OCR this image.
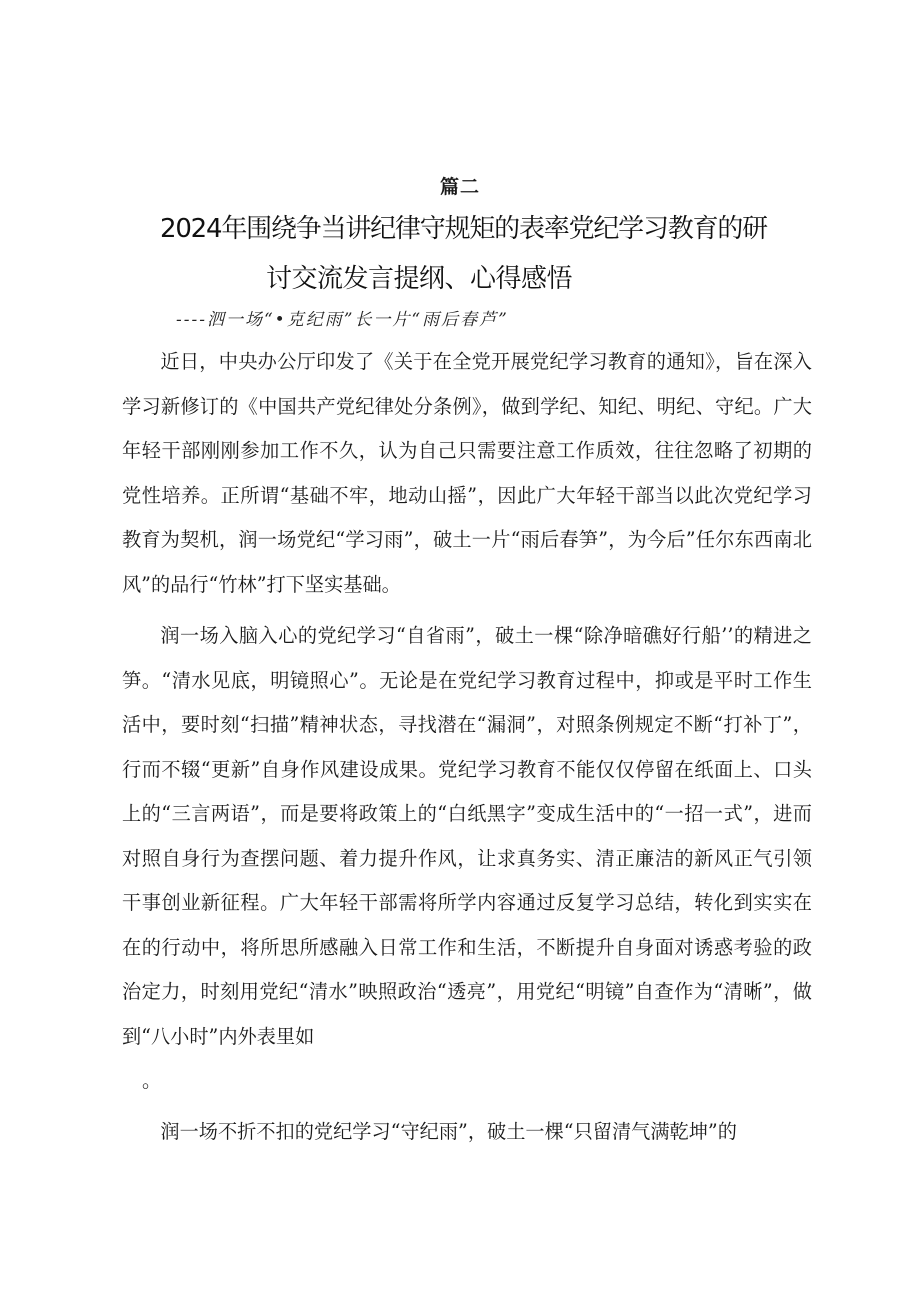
篇二
2024年围绕争当讲纪律守规矩的表率党纪学习教育的研
讨交流发言提纲、心得感悟
----泗一场“•克纪雨”长一片“雨后春芦”

近日，中央办公厅印发了《关于在全党开展党纪学习教育的通知》，旨在深入学习新修订的《中国共产党纪律处分条例》，做到学纪、知纪、明纪、守纪。广大年轻干部刚刚参加工作不久，认为自己只需要注意工作质效，往往忽略了初期的党性培养。正所谓“基础不牢，地动山摇”，因此广大年轻干部当以此次党纪学习教育为契机，润一场党纪“学习雨”，破土一片“雨后春笋”，为今后”任尔东西南北风”的品行“竹林”打下坚实基础。

润一场入脑入心的党纪学习“自省雨”，破土一棵“除净暗礁好行船’’的精进之笋。“清水见底，明镜照心”。无论是在党纪学习教育过程中，抑或是平时工作生活中，要时刻“扫描”精神状态，寻找潜在“漏洞”，对照条例规定不断“打补丁”，行而不辍“更新”自身作风建设成果。党纪学习教育不能仅仅停留在纸面上、口头上的“三言两语”，而是要将政策上的“白纸黑字”变成生活中的“一招一式”，进而对照自身行为查摆问题、着力提升作风，让求真务实、清正廉洁的新风正气引领干事创业新征程。广大年轻干部需将所学内容通过反复学习总结，转化到实实在在的行动中，将所思所感融入日常工作和生活，不断提升自身面对诱惑考验的政治定力，时刻用党纪“清水”映照政治“透亮”，用党纪“明镜”自查作为“清晰”，做到“八小时”内外表里如

。

润一场不折不扣的党纪学习“守纪雨”，破土一棵“只留清气满乾坤”的
